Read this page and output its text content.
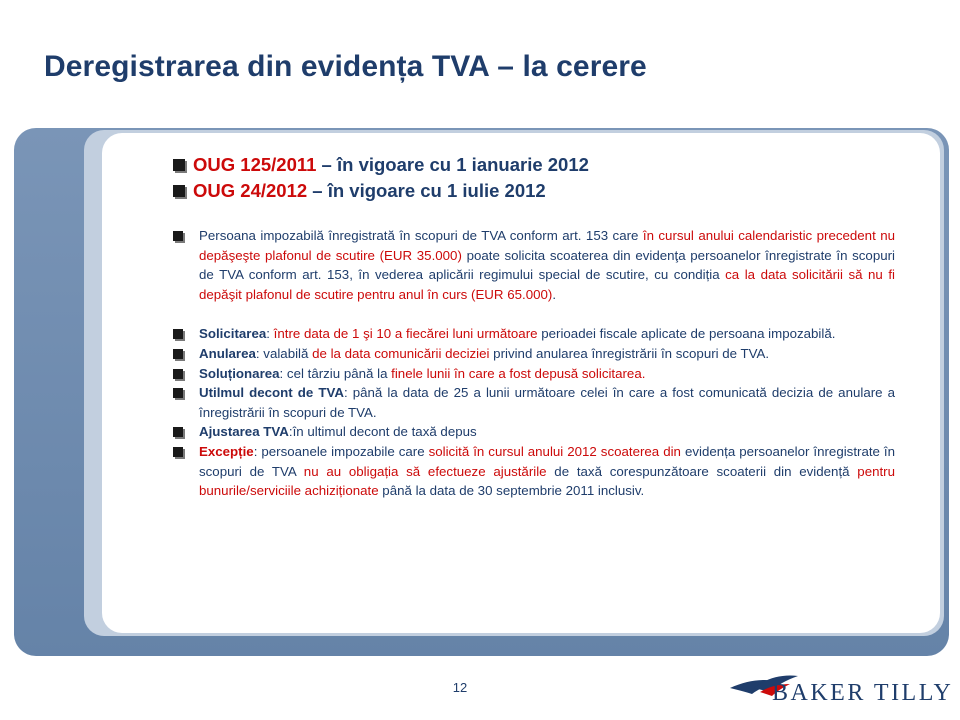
Deregistrarea din evidența TVA – la cerere
OUG 125/2011 – în vigoare cu 1 ianuarie 2012
OUG 24/2012 – în vigoare cu 1 iulie 2012
Persoana impozabilă înregistrată în scopuri de TVA conform art. 153 care în cursul anului calendaristic precedent nu depăşeşte plafonul de scutire (EUR 35.000) poate solicita scoaterea din evidenţa persoanelor înregistrate în scopuri de TVA conform art. 153, în vederea aplicării regimului special de scutire, cu condiția ca la data solicitării să nu fi depăşit plafonul de scutire pentru anul în curs (EUR 65.000).
Solicitarea: între data de 1 şi 10 a fiecărei luni următoare perioadei fiscale aplicate de persoana impozabilă.
Anularea: valabilă de la data comunicării deciziei privind anularea înregistrării în scopuri de TVA.
Soluționarea: cel târziu până la finele lunii în care a fost depusă solicitarea.
Utilmul decont de TVA: până la data de 25 a lunii următoare celei în care a fost comunicată decizia de anulare a înregistrării în scopuri de TVA.
Ajustarea TVA:în ultimul decont de taxă depus
Excepție: persoanele impozabile care solicită în cursul anului 2012 scoaterea din evidența persoanelor înregistrate în scopuri de TVA nu au obligația să efectueze ajustările de taxă corespunzătoare scoaterii din evidență pentru bunurile/serviciile achiziționate până la data de 30 septembrie 2011 inclusiv.
12	BAKER TILLY
